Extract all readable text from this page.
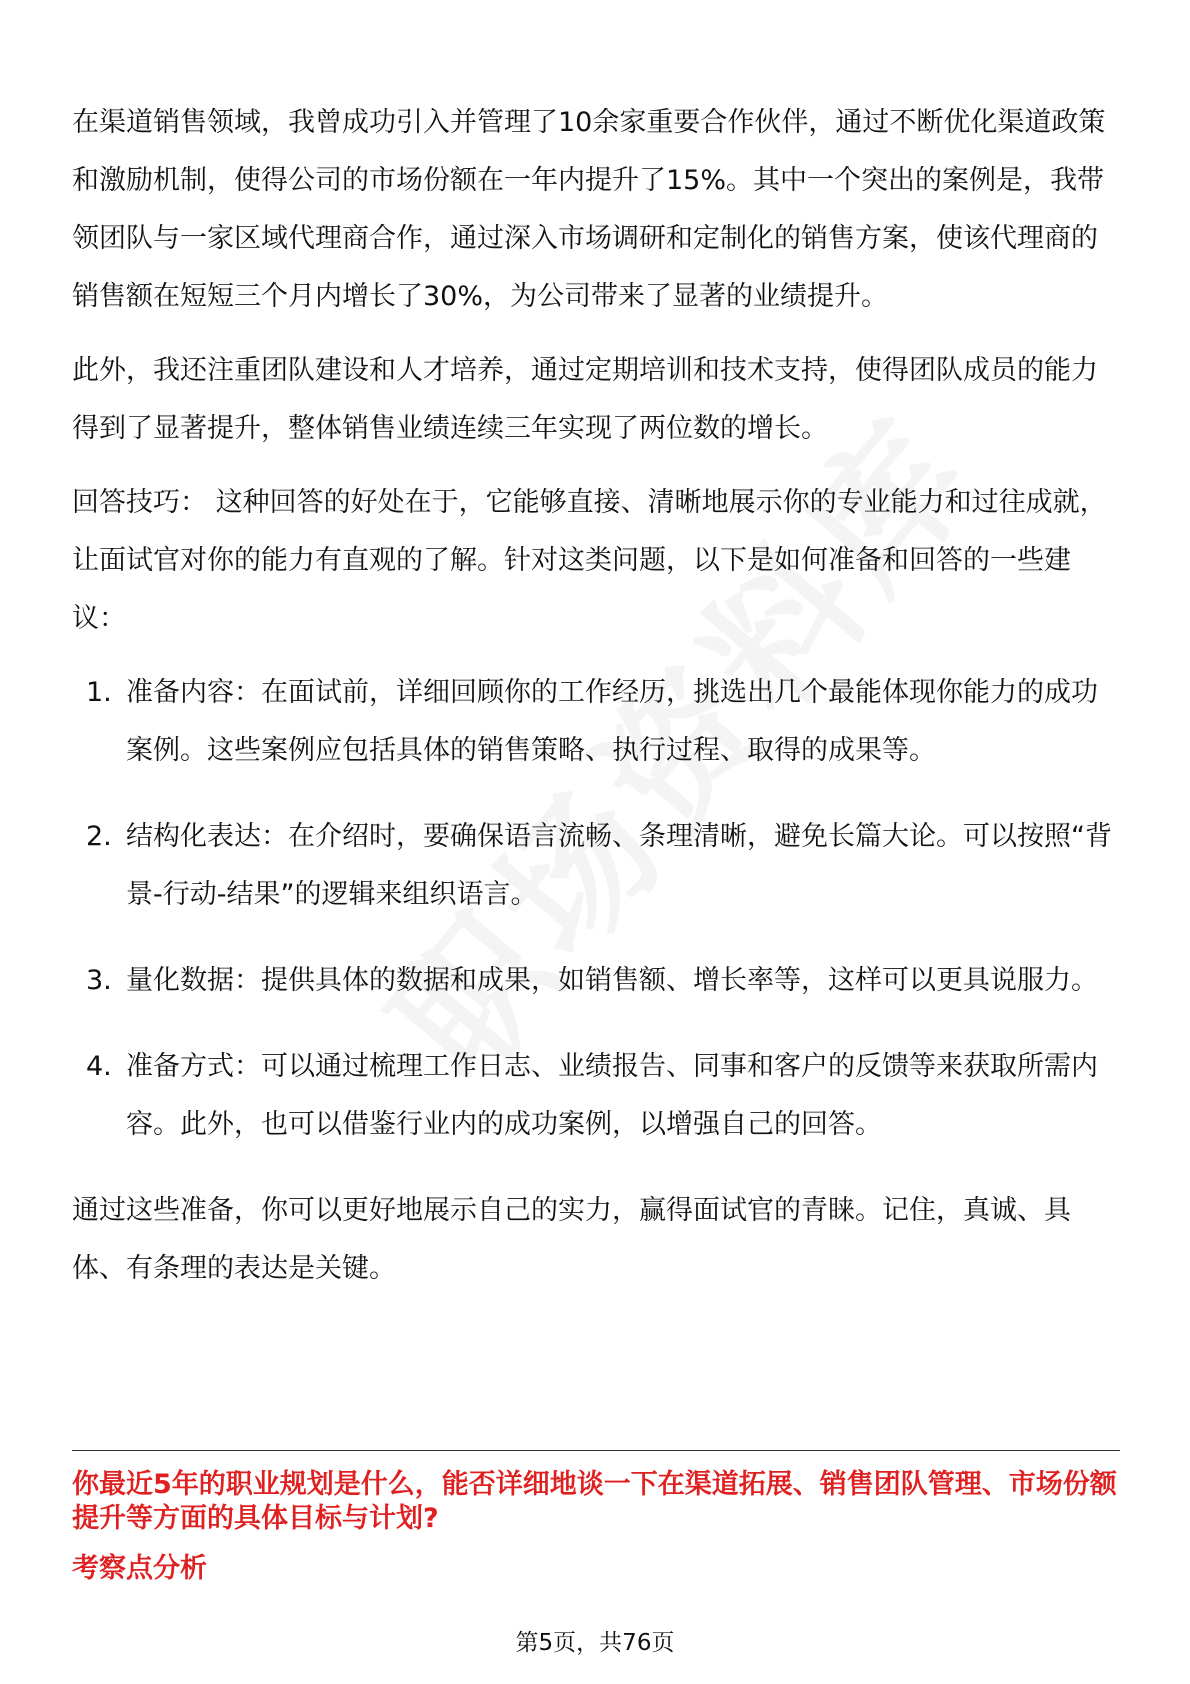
在渠道销售领域，我曾成功引入并管理了10余家重要合作伙伴，通过不断优化渠道政策和激励机制，使得公司的市场份额在一年内提升了15%。其中一个突出的案例是，我带领团队与一家区域代理商合作，通过深入市场调研和定制化的销售方案，使该代理商的销售额在短短三个月内增长了30%，为公司带来了显著的业绩提升。

此外，我还注重团队建设和人才培养，通过定期培训和技术支持，使得团队成员的能力得到了显著提升，整体销售业绩连续三年实现了两位数的增长。

回答技巧： 这种回答的好处在于，它能够直接、清晰地展示你的专业能力和过往成就，让面试官对你的能力有直观的了解。针对这类问题，以下是如何准备和回答的一些建议：

1. 准备内容：在面试前，详细回顾你的工作经历，挑选出几个最能体现你能力的成功案例。这些案例应包括具体的销售策略、执行过程、取得的成果等。
2. 结构化表达：在介绍时，要确保语言流畅、条理清晰，避免长篇大论。可以按照“背景-行动-结果”的逻辑来组织语言。
3. 量化数据：提供具体的数据和成果，如销售额、增长率等，这样可以更具说服力。
4. 准备方式：可以通过梳理工作日志、业绩报告、同事和客户的反馈等来获取所需内容。此外，也可以借鉴行业内的成功案例，以增强自己的回答。

通过这些准备，你可以更好地展示自己的实力，赢得面试官的青睐。记住，真诚、具体、有条理的表达是关键。

你最近5年的职业规划是什么，能否详细地谈一下在渠道拓展、销售团队管理、市场份额提升等方面的具体目标与计划?

考察点分析

第5页，共76页
